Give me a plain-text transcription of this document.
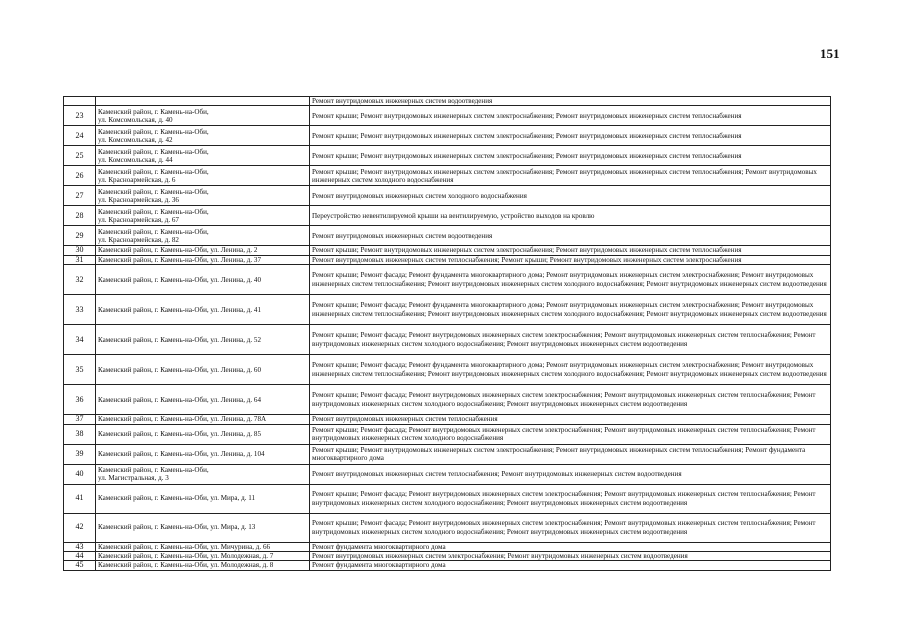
151
		Ремонт внутридомовых инженерных систем водоотведения
23	Каменский район, г. Камень-на-Оби,
ул. Комсомольская, д. 40	Ремонт крыши; Ремонт внутридомовых инженерных систем электроснабжения; Ремонт внутридомовых инженерных систем теплоснабжения
24	Каменский район, г. Камень-на-Оби,
ул. Комсомольская, д. 42	Ремонт крыши; Ремонт внутридомовых инженерных систем электроснабжения; Ремонт внутридомовых инженерных систем теплоснабжения
25	Каменский район, г. Камень-на-Оби,
ул. Комсомольская, д. 44	Ремонт крыши; Ремонт внутридомовых инженерных систем электроснабжения; Ремонт внутридомовых инженерных систем теплоснабжения
26	Каменский район, г. Камень-на-Оби,
ул. Красноармейская, д. 6	Ремонт крыши; Ремонт внутридомовых инженерных систем электроснабжения; Ремонт внутридомовых инженерных систем теплоснабжения; Ремонт внутридомовых инженерных систем холодного водоснабжения
27	Каменский район, г. Камень-на-Оби,
ул. Красноармейская, д. 36	Ремонт внутридомовых инженерных систем холодного водоснабжения
28	Каменский район, г. Камень-на-Оби,
ул. Красноармейская, д. 67	Переустройство невентилируемой крыши на вентилируемую, устройство выходов на кровлю
29	Каменский район, г. Камень-на-Оби,
ул. Красноармейская, д. 82	Ремонт внутридомовых инженерных систем водоотведения
30	Каменский район, г. Камень-на-Оби, ул. Ленина, д. 2	Ремонт крыши; Ремонт внутридомовых инженерных систем электроснабжения; Ремонт внутридомовых инженерных систем теплоснабжения
31	Каменский район, г. Камень-на-Оби, ул. Ленина, д. 37	Ремонт внутридомовых инженерных систем теплоснабжения; Ремонт крыши; Ремонт внутридомовых инженерных систем электроснабжения
32	Каменский район, г. Камень-на-Оби, ул. Ленина, д. 40	Ремонт крыши; Ремонт фасада; Ремонт фундамента многоквартирного дома; Ремонт внутридомовых инженерных систем электроснабжения; Ремонт внутридомовых инженерных систем теплоснабжения; Ремонт внутридомовых инженерных систем холодного водоснабжения; Ремонт внутридомовых инженерных систем водоотведения
33	Каменский район, г. Камень-на-Оби, ул. Ленина, д. 41	Ремонт крыши; Ремонт фасада; Ремонт фундамента многоквартирного дома; Ремонт внутридомовых инженерных систем электроснабжения; Ремонт внутридомовых инженерных систем теплоснабжения; Ремонт внутридомовых инженерных систем холодного водоснабжения; Ремонт внутридомовых инженерных систем водоотведения
34	Каменский район, г. Камень-на-Оби, ул. Ленина, д. 52	Ремонт крыши; Ремонт фасада; Ремонт внутридомовых инженерных систем электроснабжения; Ремонт внутридомовых инженерных систем теплоснабжения; Ремонт внутридомовых инженерных систем холодного водоснабжения; Ремонт внутридомовых инженерных систем водоотведения
35	Каменский район, г. Камень-на-Оби, ул. Ленина, д. 60	Ремонт крыши; Ремонт фасада; Ремонт фундамента многоквартирного дома; Ремонт внутридомовых инженерных систем электроснабжения; Ремонт внутридомовых инженерных систем теплоснабжения; Ремонт внутридомовых инженерных систем холодного водоснабжения; Ремонт внутридомовых инженерных систем водоотведения
36	Каменский район, г. Камень-на-Оби, ул. Ленина, д. 64	Ремонт крыши; Ремонт фасада; Ремонт внутридомовых инженерных систем электроснабжения; Ремонт внутридомовых инженерных систем теплоснабжения; Ремонт внутридомовых инженерных систем холодного водоснабжения; Ремонт внутридомовых инженерных систем водоотведения
37	Каменский район, г. Камень-на-Оби, ул. Ленина, д. 78А	Ремонт внутридомовых инженерных систем теплоснабжения
38	Каменский район, г. Камень-на-Оби, ул. Ленина, д. 85	Ремонт крыши; Ремонт фасада; Ремонт внутридомовых инженерных систем электроснабжения; Ремонт внутридомовых инженерных систем теплоснабжения; Ремонт внутридомовых инженерных систем холодного водоснабжения
39	Каменский район, г. Камень-на-Оби, ул. Ленина, д. 104	Ремонт крыши; Ремонт внутридомовых инженерных систем электроснабжения; Ремонт внутридомовых инженерных систем теплоснабжения; Ремонт фундамента многоквартирного дома
40	Каменский район, г. Камень-на-Оби,
ул. Магистральная, д. 3	Ремонт внутридомовых инженерных систем теплоснабжения; Ремонт внутридомовых инженерных систем водоотведения
41	Каменский район, г. Камень-на-Оби, ул. Мира, д. 11	Ремонт крыши; Ремонт фасада; Ремонт внутридомовых инженерных систем электроснабжения; Ремонт внутридомовых инженерных систем теплоснабжения; Ремонт внутридомовых инженерных систем холодного водоснабжения; Ремонт внутридомовых инженерных систем водоотведения
42	Каменский район, г. Камень-на-Оби, ул. Мира, д. 13	Ремонт крыши; Ремонт фасада; Ремонт внутридомовых инженерных систем электроснабжения; Ремонт внутридомовых инженерных систем теплоснабжения; Ремонт внутридомовых инженерных систем холодного водоснабжения; Ремонт внутридомовых инженерных систем водоотведения
43	Каменский район, г. Камень-на-Оби, ул. Мичурина, д. 66	Ремонт фундамента многоквартирного дома
44	Каменский район, г. Камень-на-Оби, ул. Молодежная, д. 7	Ремонт внутридомовых инженерных систем электроснабжения; Ремонт внутридомовых инженерных систем водоотведения
45	Каменский район, г. Камень-на-Оби, ул. Молодежная, д. 8	Ремонт фундамента многоквартирного дома
